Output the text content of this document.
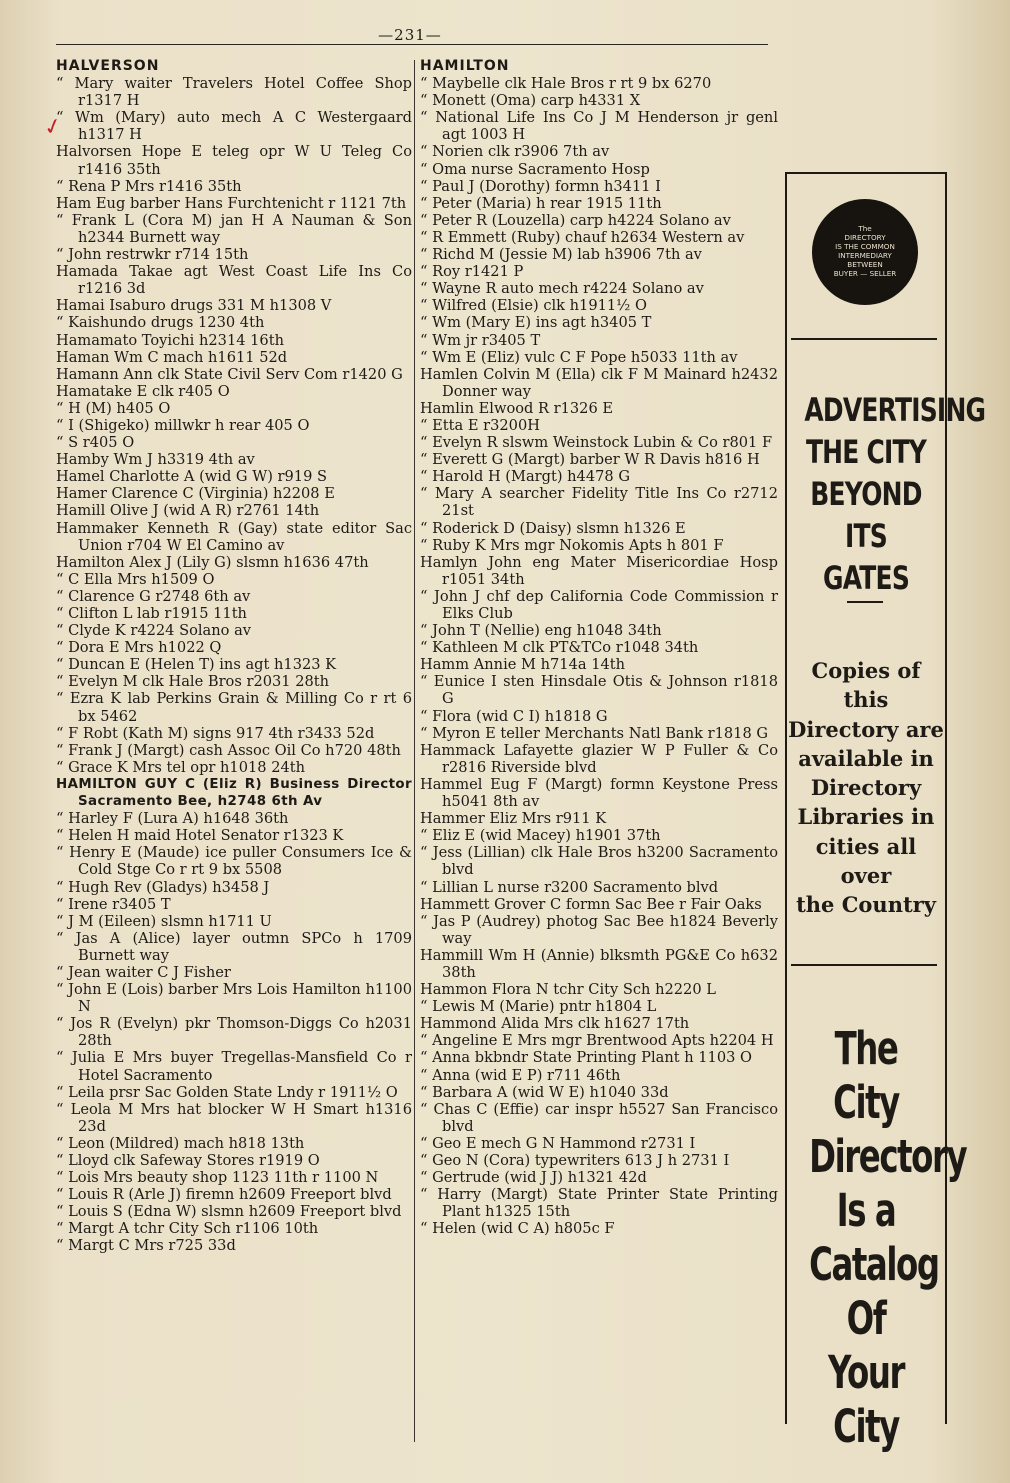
—231—
✓
HALVERSON
“ Mary waiter Travelers Hotel Coffee Shop r1317 H
“ Wm (Mary) auto mech A C Westergaard h1317 H
Halvorsen Hope E teleg opr W U Teleg Co r1416 35th
“ Rena P Mrs r1416 35th
Ham Eug barber Hans Furchtenicht r 1121 7th
“ Frank L (Cora M) jan H A Nauman & Son h2344 Burnett way
“ John restrwkr r714 15th
Hamada Takae agt West Coast Life Ins Co r1216 3d
Hamai Isaburo drugs 331 M h1308 V
“ Kaishundo drugs 1230 4th
Hamamato Toyichi h2314 16th
Haman Wm C mach h1611 52d
Hamann Ann clk State Civil Serv Com r1420 G
Hamatake E clk r405 O
“ H (M) h405 O
“ I (Shigeko) millwkr h rear 405 O
“ S r405 O
Hamby Wm J h3319 4th av
Hamel Charlotte A (wid G W) r919 S
Hamer Clarence C (Virginia) h2208 E
Hamill Olive J (wid A R) r2761 14th
Hammaker Kenneth R (Gay) state editor Sac Union r704 W El Camino av
Hamilton Alex J (Lily G) slsmn h1636 47th
“ C Ella Mrs h1509 O
“ Clarence G r2748 6th av
“ Clifton L lab r1915 11th
“ Clyde K r4224 Solano av
“ Dora E Mrs h1022 Q
“ Duncan E (Helen T) ins agt h1323 K
“ Evelyn M clk Hale Bros r2031 28th
“ Ezra K lab Perkins Grain & Milling Co r rt 6 bx 5462
“ F Robt (Kath M) signs 917 4th r3433 52d
“ Frank J (Margt) cash Assoc Oil Co h720 48th
“ Grace K Mrs tel opr h1018 24th
HAMILTON GUY C (Eliz R) Business Director Sacramento Bee, h2748 6th Av
“ Harley F (Lura A) h1648 36th
“ Helen H maid Hotel Senator r1323 K
“ Henry E (Maude) ice puller Consumers Ice & Cold Stge Co r rt 9 bx 5508
“ Hugh Rev (Gladys) h3458 J
“ Irene r3405 T
“ J M (Eileen) slsmn h1711 U
“ Jas A (Alice) layer outmn SPCo h 1709 Burnett way
“ Jean waiter C J Fisher
“ John E (Lois) barber Mrs Lois Hamilton h1100 N
“ Jos R (Evelyn) pkr Thomson-Diggs Co h2031 28th
“ Julia E Mrs buyer Tregellas-Mansfield Co r Hotel Sacramento
“ Leila prsr Sac Golden State Lndy r 1911½ O
“ Leola M Mrs hat blocker W H Smart h1316 23d
“ Leon (Mildred) mach h818 13th
“ Lloyd clk Safeway Stores r1919 O
“ Lois Mrs beauty shop 1123 11th r 1100 N
“ Louis R (Arle J) firemn h2609 Freeport blvd
“ Louis S (Edna W) slsmn h2609 Freeport blvd
“ Margt A tchr City Sch r1106 10th
“ Margt C Mrs r725 33d
HAMILTON
“ Maybelle clk Hale Bros r rt 9 bx 6270
“ Monett (Oma) carp h4331 X
“ National Life Ins Co J M Henderson jr genl agt 1003 H
“ Norien clk r3906 7th av
“ Oma nurse Sacramento Hosp
“ Paul J (Dorothy) formn h3411 I
“ Peter (Maria) h rear 1915 11th
“ Peter R (Louzella) carp h4224 Solano av
“ R Emmett (Ruby) chauf h2634 Western av
“ Richd M (Jessie M) lab h3906 7th av
“ Roy r1421 P
“ Wayne R auto mech r4224 Solano av
“ Wilfred (Elsie) clk h1911½ O
“ Wm (Mary E) ins agt h3405 T
“ Wm jr r3405 T
“ Wm E (Eliz) vulc C F Pope h5033 11th av
Hamlen Colvin M (Ella) clk F M Mainard h2432 Donner way
Hamlin Elwood R r1326 E
“ Etta E r3200H
“ Evelyn R slswm Weinstock Lubin & Co r801 F
“ Everett G (Margt) barber W R Davis h816 H
“ Harold H (Margt) h4478 G
“ Mary A searcher Fidelity Title Ins Co r2712 21st
“ Roderick D (Daisy) slsmn h1326 E
“ Ruby K Mrs mgr Nokomis Apts h 801 F
Hamlyn John eng Mater Misericordiae Hosp r1051 34th
“ John J chf dep California Code Commission r Elks Club
“ John T (Nellie) eng h1048 34th
“ Kathleen M clk PT&TCo r1048 34th
Hamm Annie M h714a 14th
“ Eunice I sten Hinsdale Otis & Johnson r1818 G
“ Flora (wid C I) h1818 G
“ Myron E teller Merchants Natl Bank r1818 G
Hammack Lafayette glazier W P Fuller & Co r2816 Riverside blvd
Hammel Eug F (Margt) formn Keystone Press h5041 8th av
Hammer Eliz Mrs r911 K
“ Eliz E (wid Macey) h1901 37th
“ Jess (Lillian) clk Hale Bros h3200 Sacramento blvd
“ Lillian L nurse r3200 Sacramento blvd
Hammett Grover C formn Sac Bee r Fair Oaks
“ Jas P (Audrey) photog Sac Bee h1824 Beverly way
Hammill Wm H (Annie) blksmth PG&E Co h632 38th
Hammon Flora N tchr City Sch h2220 L
“ Lewis M (Marie) pntr h1804 L
Hammond Alida Mrs clk h1627 17th
“ Angeline E Mrs mgr Brentwood Apts h2204 H
“ Anna bkbndr State Printing Plant h 1103 O
“ Anna (wid E P) r711 46th
“ Barbara A (wid W E) h1040 33d
“ Chas C (Effie) car inspr h5527 San Francisco blvd
“ Geo E mech G N Hammond r2731 I
“ Geo N (Cora) typewriters 613 J h 2731 I
“ Gertrude (wid J J) h1321 42d
“ Harry (Margt) State Printer State Printing Plant h1325 15th
“ Helen (wid C A) h805c F
The
DIRECTORY
IS THE COMMON
INTERMEDIARY
BETWEEN
BUYER — SELLER
ADVERTISING
THE CITY
BEYOND
ITS GATES
Copies of
this
Directory are
available in
Directory
Libraries in
cities all
over
the Country
The City
Directory
Is a
Catalog Of
Your City
